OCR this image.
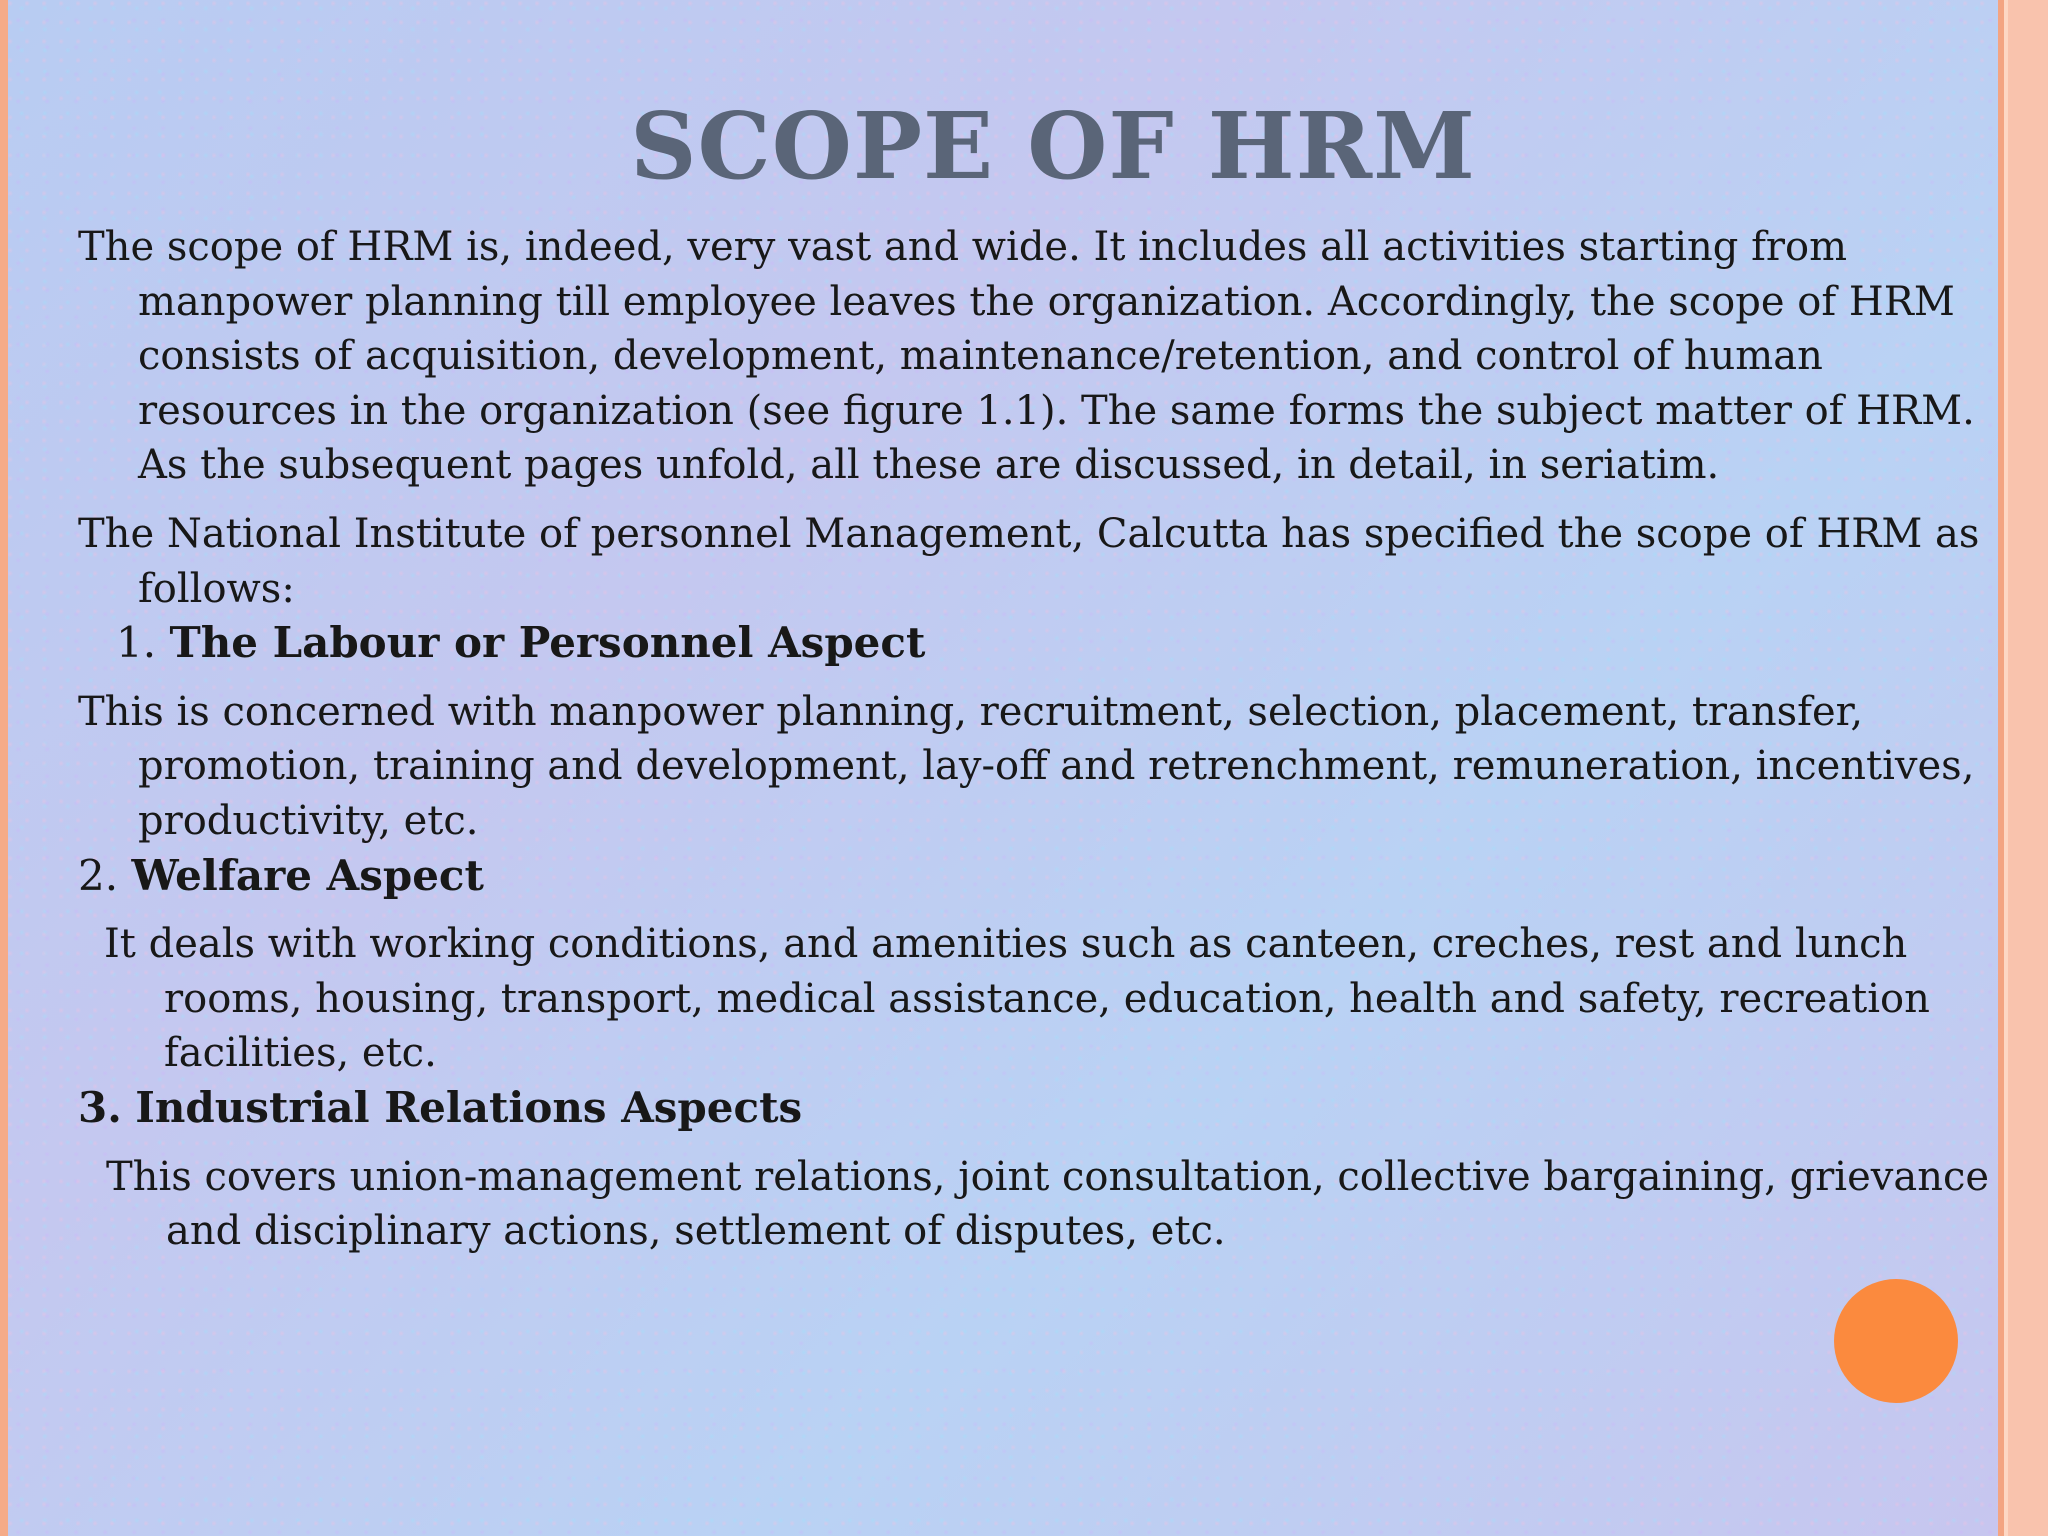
SCOPE OF HRM

The scope of HRM is, indeed, very vast and wide. It includes all activities starting from manpower planning till employee leaves the organization. Accordingly, the scope of HRM consists of acquisition, development, maintenance/retention, and control of human resources in the organization (see figure 1.1). The same forms the subject matter of HRM. As the subsequent pages unfold, all these are discussed, in detail, in seriatim.

The National Institute of personnel Management, Calcutta has specified the scope of HRM as follows:

1. The Labour or Personnel Aspect

This is concerned with manpower planning, recruitment, selection, placement, transfer, promotion, training and development, lay-off and retrenchment, remuneration, incentives, productivity, etc.

2. Welfare Aspect

It deals with working conditions, and amenities such as canteen, creches, rest and lunch rooms, housing, transport, medical assistance, education, health and safety, recreation facilities, etc.

3. Industrial Relations Aspects

This covers union-management relations, joint consultation, collective bargaining, grievance and disciplinary actions, settlement of disputes, etc.
